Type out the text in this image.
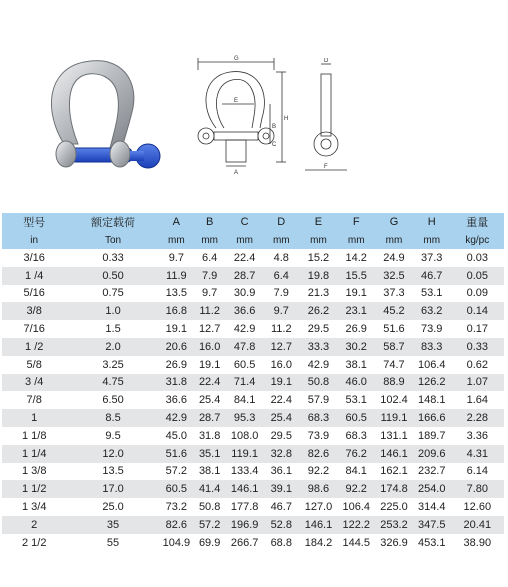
G
E
H
A
B
C
D
F
型号	额定载荷	A	B	C	D	E	F	G	H	重量
in	Ton	mm	mm	mm	mm	mm	mm	mm	mm	kg/pc
3/16	0.33	9.7	6.4	22.4	4.8	15.2	14.2	24.9	37.3	0.03
1 /4	0.50	11.9	7.9	28.7	6.4	19.8	15.5	32.5	46.7	0.05
5/16	0.75	13.5	9.7	30.9	7.9	21.3	19.1	37.3	53.1	0.09
3/8	1.0	16.8	11.2	36.6	9.7	26.2	23.1	45.2	63.2	0.14
7/16	1.5	19.1	12.7	42.9	11.2	29.5	26.9	51.6	73.9	0.17
1 /2	2.0	20.6	16.0	47.8	12.7	33.3	30.2	58.7	83.3	0.33
5/8	3.25	26.9	19.1	60.5	16.0	42.9	38.1	74.7	106.4	0.62
3 /4	4.75	31.8	22.4	71.4	19.1	50.8	46.0	88.9	126.2	1.07
7/8	6.50	36.6	25.4	84.1	22.4	57.9	53.1	102.4	148.1	1.64
1	8.5	42.9	28.7	95.3	25.4	68.3	60.5	119.1	166.6	2.28
1 1/8	9.5	45.0	31.8	108.0	29.5	73.9	68.3	131.1	189.7	3.36
1 1/4	12.0	51.6	35.1	119.1	32.8	82.6	76.2	146.1	209.6	4.31
1 3/8	13.5	57.2	38.1	133.4	36.1	92.2	84.1	162.1	232.7	6.14
1 1/2	17.0	60.5	41.4	146.1	39.1	98.6	92.2	174.8	254.0	7.80
1 3/4	25.0	73.2	50.8	177.8	46.7	127.0	106.4	225.0	314.4	12.60
2	35	82.6	57.2	196.9	52.8	146.1	122.2	253.2	347.5	20.41
2 1/2	55	104.9	69.9	266.7	68.8	184.2	144.5	326.9	453.1	38.90
